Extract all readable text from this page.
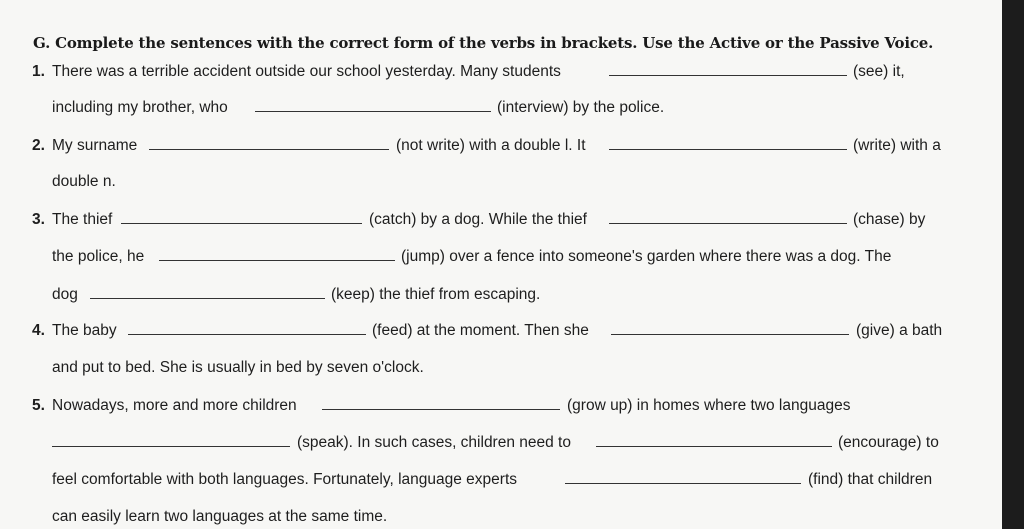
G. Complete the sentences with the correct form of the verbs in brackets. Use the Active or the Passive Voice.
1. There was a terrible accident outside our school yesterday. Many students	(see) it,
including my brother, who	(interview) by the police.
2. My surname	(not write) with a double l. It	(write) with a
double n.
3. The thief	(catch) by a dog. While the thief	(chase) by
the police, he	(jump) over a fence into someone's garden where there was a dog. The
dog	(keep) the thief from escaping.
4. The baby	(feed) at the moment. Then she	(give) a bath
and put to bed. She is usually in bed by seven o'clock.
5. Nowadays, more and more children	(grow up) in homes where two languages
(speak). In such cases, children need to	(encourage) to
feel comfortable with both languages. Fortunately, language experts	(find) that children
can easily learn two languages at the same time.
